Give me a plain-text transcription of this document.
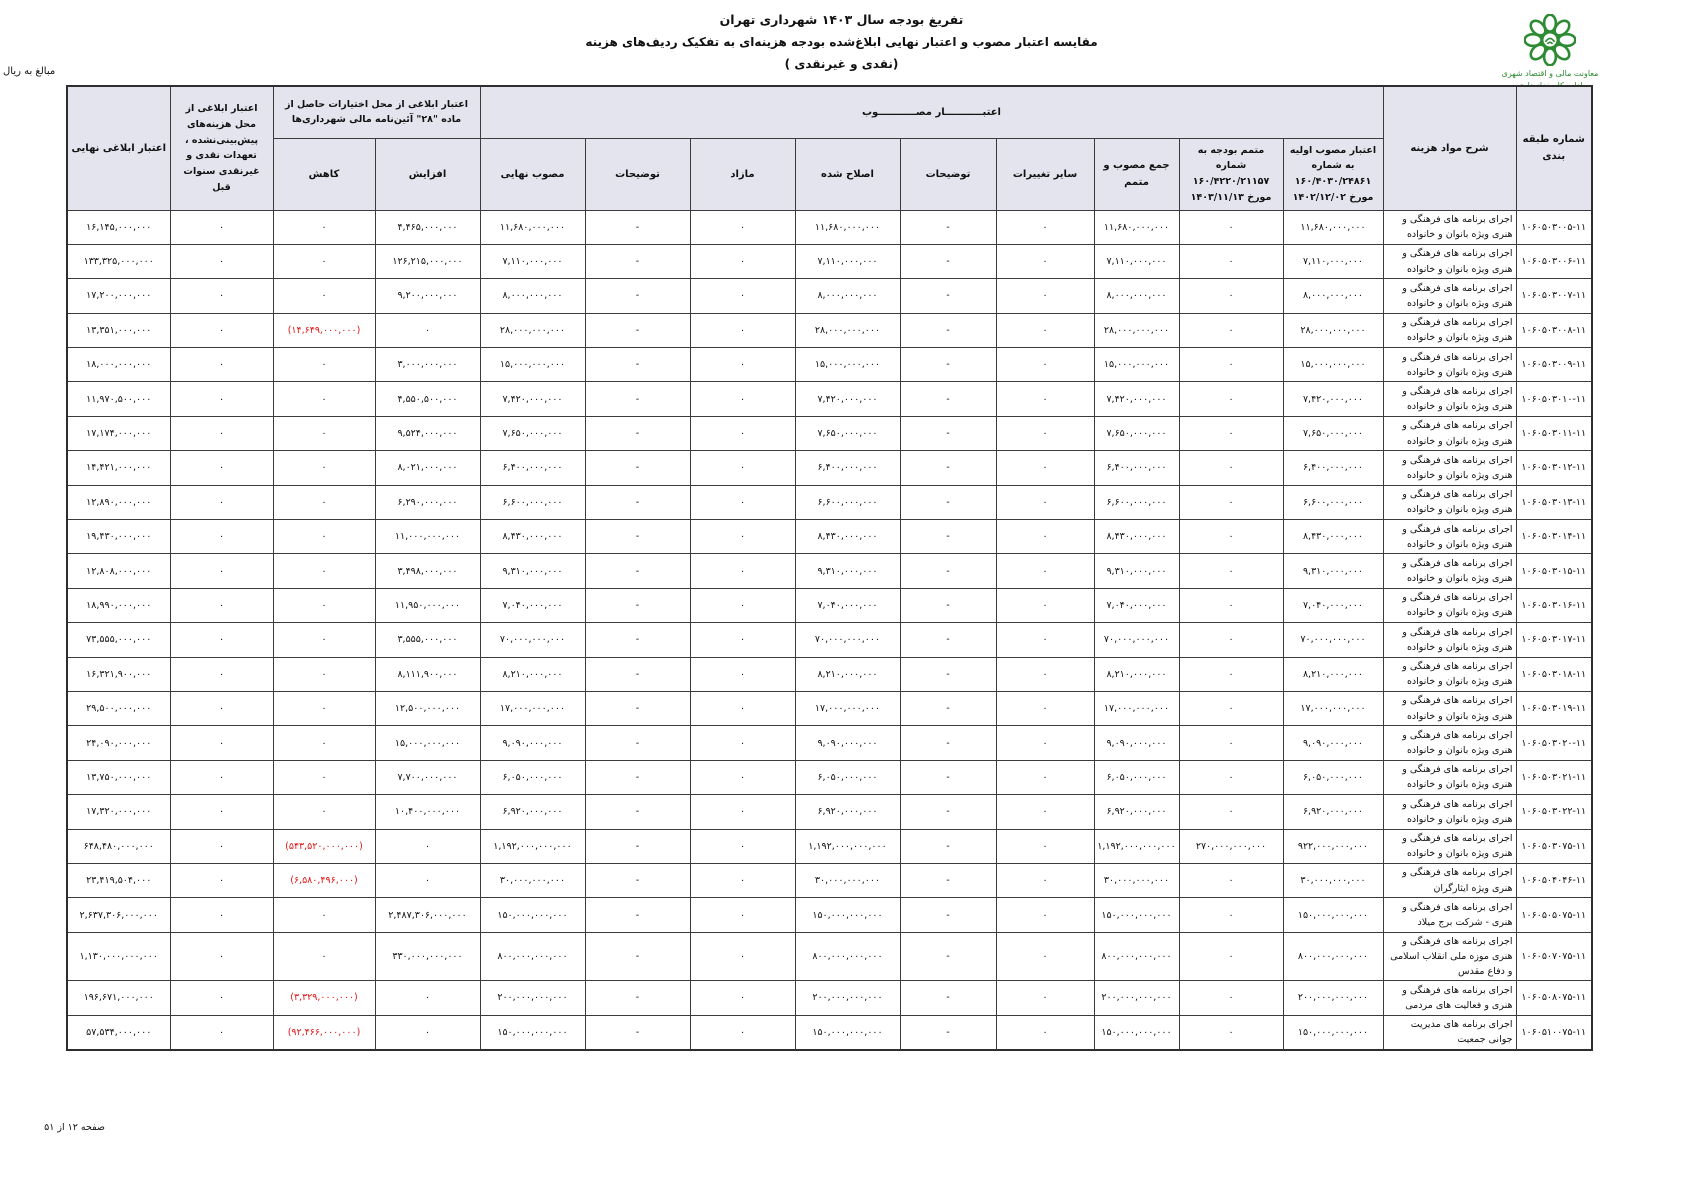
تفریغ بودجه سال ۱۴۰۳ شهرداری تهران
مقایسه اعتبار مصوب و اعتبار نهایی ابلاغ‌شده بودجه هزینه‌ای به تفکیک ردیف‌های هزینه
(نقدی و غیرنقدی )
معاونت مالی و اقتصاد شهری
مبالغ به ریال
شماره طبقه بندی	شرح مواد هزینه	اعتبـــــــــــار مصـــــــــــوب									اعتبار ابلاغی از محل اختیارات حاصل از ماده "۲۸" آئین‌نامه مالی شهرداری‌ها		اعتبار ابلاغی از محل هزینه‌های پیش‌بینی‌نشده ، تعهدات نقدی و غیرنقدی سنوات قبل	اعتبار ابلاغی نهایی
		اعتبار مصوب اولیه به شماره ۱۶۰/۴۰۳۰/۲۴۸۶۱ مورخ ۱۴۰۲/۱۲/۰۲	متمم بودجه به شماره ۱۶۰/۴۲۲۰/۲۱۱۵۷ مورخ ۱۴۰۳/۱۱/۱۳	جمع مصوب و متمم	سایر تغییرات	توضیحات	اصلاح شده	مازاد	توضیحات	مصوب نهایی	افزایش	کاهش		
۱۰۶۰۵۰۳۰۰۵-۱۱	اجرای برنامه های فرهنگی و هنری ویژه بانوان و خانواده	۱۱,۶۸۰,۰۰۰,۰۰۰	۰	۱۱,۶۸۰,۰۰۰,۰۰۰	۰	-	۱۱,۶۸۰,۰۰۰,۰۰۰	۰	-	۱۱,۶۸۰,۰۰۰,۰۰۰	۴,۴۶۵,۰۰۰,۰۰۰	۰	۰	۱۶,۱۴۵,۰۰۰,۰۰۰
۱۰۶۰۵۰۳۰۰۶-۱۱	اجرای برنامه های فرهنگی و هنری ویژه بانوان و خانواده	۷,۱۱۰,۰۰۰,۰۰۰	۰	۷,۱۱۰,۰۰۰,۰۰۰	۰	-	۷,۱۱۰,۰۰۰,۰۰۰	۰	-	۷,۱۱۰,۰۰۰,۰۰۰	۱۲۶,۲۱۵,۰۰۰,۰۰۰	۰	۰	۱۳۳,۳۲۵,۰۰۰,۰۰۰
۱۰۶۰۵۰۳۰۰۷-۱۱	اجرای برنامه های فرهنگی و هنری ویژه بانوان و خانواده	۸,۰۰۰,۰۰۰,۰۰۰	۰	۸,۰۰۰,۰۰۰,۰۰۰	۰	-	۸,۰۰۰,۰۰۰,۰۰۰	۰	-	۸,۰۰۰,۰۰۰,۰۰۰	۹,۲۰۰,۰۰۰,۰۰۰	۰	۰	۱۷,۲۰۰,۰۰۰,۰۰۰
۱۰۶۰۵۰۳۰۰۸-۱۱	اجرای برنامه های فرهنگی و هنری ویژه بانوان و خانواده	۲۸,۰۰۰,۰۰۰,۰۰۰	۰	۲۸,۰۰۰,۰۰۰,۰۰۰	۰	-	۲۸,۰۰۰,۰۰۰,۰۰۰	۰	-	۲۸,۰۰۰,۰۰۰,۰۰۰	۰	(۱۴,۶۴۹,۰۰۰,۰۰۰)	۰	۱۳,۳۵۱,۰۰۰,۰۰۰
۱۰۶۰۵۰۳۰۰۹-۱۱	اجرای برنامه های فرهنگی و هنری ویژه بانوان و خانواده	۱۵,۰۰۰,۰۰۰,۰۰۰	۰	۱۵,۰۰۰,۰۰۰,۰۰۰	۰	-	۱۵,۰۰۰,۰۰۰,۰۰۰	۰	-	۱۵,۰۰۰,۰۰۰,۰۰۰	۳,۰۰۰,۰۰۰,۰۰۰	۰	۰	۱۸,۰۰۰,۰۰۰,۰۰۰
۱۰۶۰۵۰۳۰۱۰-۱۱	اجرای برنامه های فرهنگی و هنری ویژه بانوان و خانواده	۷,۴۲۰,۰۰۰,۰۰۰	۰	۷,۴۲۰,۰۰۰,۰۰۰	۰	-	۷,۴۲۰,۰۰۰,۰۰۰	۰	-	۷,۴۲۰,۰۰۰,۰۰۰	۴,۵۵۰,۵۰۰,۰۰۰	۰	۰	۱۱,۹۷۰,۵۰۰,۰۰۰
۱۰۶۰۵۰۳۰۱۱-۱۱	اجرای برنامه های فرهنگی و هنری ویژه بانوان و خانواده	۷,۶۵۰,۰۰۰,۰۰۰	۰	۷,۶۵۰,۰۰۰,۰۰۰	۰	-	۷,۶۵۰,۰۰۰,۰۰۰	۰	-	۷,۶۵۰,۰۰۰,۰۰۰	۹,۵۲۴,۰۰۰,۰۰۰	۰	۰	۱۷,۱۷۴,۰۰۰,۰۰۰
۱۰۶۰۵۰۳۰۱۲-۱۱	اجرای برنامه های فرهنگی و هنری ویژه بانوان و خانواده	۶,۴۰۰,۰۰۰,۰۰۰	۰	۶,۴۰۰,۰۰۰,۰۰۰	۰	-	۶,۴۰۰,۰۰۰,۰۰۰	۰	-	۶,۴۰۰,۰۰۰,۰۰۰	۸,۰۲۱,۰۰۰,۰۰۰	۰	۰	۱۴,۴۲۱,۰۰۰,۰۰۰
۱۰۶۰۵۰۳۰۱۳-۱۱	اجرای برنامه های فرهنگی و هنری ویژه بانوان و خانواده	۶,۶۰۰,۰۰۰,۰۰۰	۰	۶,۶۰۰,۰۰۰,۰۰۰	۰	-	۶,۶۰۰,۰۰۰,۰۰۰	۰	-	۶,۶۰۰,۰۰۰,۰۰۰	۶,۲۹۰,۰۰۰,۰۰۰	۰	۰	۱۲,۸۹۰,۰۰۰,۰۰۰
۱۰۶۰۵۰۳۰۱۴-۱۱	اجرای برنامه های فرهنگی و هنری ویژه بانوان و خانواده	۸,۴۳۰,۰۰۰,۰۰۰	۰	۸,۴۳۰,۰۰۰,۰۰۰	۰	-	۸,۴۳۰,۰۰۰,۰۰۰	۰	-	۸,۴۳۰,۰۰۰,۰۰۰	۱۱,۰۰۰,۰۰۰,۰۰۰	۰	۰	۱۹,۴۳۰,۰۰۰,۰۰۰
۱۰۶۰۵۰۳۰۱۵-۱۱	اجرای برنامه های فرهنگی و هنری ویژه بانوان و خانواده	۹,۳۱۰,۰۰۰,۰۰۰	۰	۹,۳۱۰,۰۰۰,۰۰۰	۰	-	۹,۳۱۰,۰۰۰,۰۰۰	۰	-	۹,۳۱۰,۰۰۰,۰۰۰	۳,۴۹۸,۰۰۰,۰۰۰	۰	۰	۱۲,۸۰۸,۰۰۰,۰۰۰
۱۰۶۰۵۰۳۰۱۶-۱۱	اجرای برنامه های فرهنگی و هنری ویژه بانوان و خانواده	۷,۰۴۰,۰۰۰,۰۰۰	۰	۷,۰۴۰,۰۰۰,۰۰۰	۰	-	۷,۰۴۰,۰۰۰,۰۰۰	۰	-	۷,۰۴۰,۰۰۰,۰۰۰	۱۱,۹۵۰,۰۰۰,۰۰۰	۰	۰	۱۸,۹۹۰,۰۰۰,۰۰۰
۱۰۶۰۵۰۳۰۱۷-۱۱	اجرای برنامه های فرهنگی و هنری ویژه بانوان و خانواده	۷۰,۰۰۰,۰۰۰,۰۰۰	۰	۷۰,۰۰۰,۰۰۰,۰۰۰	۰	-	۷۰,۰۰۰,۰۰۰,۰۰۰	۰	-	۷۰,۰۰۰,۰۰۰,۰۰۰	۳,۵۵۵,۰۰۰,۰۰۰	۰	۰	۷۳,۵۵۵,۰۰۰,۰۰۰
۱۰۶۰۵۰۳۰۱۸-۱۱	اجرای برنامه های فرهنگی و هنری ویژه بانوان و خانواده	۸,۲۱۰,۰۰۰,۰۰۰	۰	۸,۲۱۰,۰۰۰,۰۰۰	۰	-	۸,۲۱۰,۰۰۰,۰۰۰	۰	-	۸,۲۱۰,۰۰۰,۰۰۰	۸,۱۱۱,۹۰۰,۰۰۰	۰	۰	۱۶,۳۲۱,۹۰۰,۰۰۰
۱۰۶۰۵۰۳۰۱۹-۱۱	اجرای برنامه های فرهنگی و هنری ویژه بانوان و خانواده	۱۷,۰۰۰,۰۰۰,۰۰۰	۰	۱۷,۰۰۰,۰۰۰,۰۰۰	۰	-	۱۷,۰۰۰,۰۰۰,۰۰۰	۰	-	۱۷,۰۰۰,۰۰۰,۰۰۰	۱۲,۵۰۰,۰۰۰,۰۰۰	۰	۰	۲۹,۵۰۰,۰۰۰,۰۰۰
۱۰۶۰۵۰۳۰۲۰-۱۱	اجرای برنامه های فرهنگی و هنری ویژه بانوان و خانواده	۹,۰۹۰,۰۰۰,۰۰۰	۰	۹,۰۹۰,۰۰۰,۰۰۰	۰	-	۹,۰۹۰,۰۰۰,۰۰۰	۰	-	۹,۰۹۰,۰۰۰,۰۰۰	۱۵,۰۰۰,۰۰۰,۰۰۰	۰	۰	۲۴,۰۹۰,۰۰۰,۰۰۰
۱۰۶۰۵۰۳۰۲۱-۱۱	اجرای برنامه های فرهنگی و هنری ویژه بانوان و خانواده	۶,۰۵۰,۰۰۰,۰۰۰	۰	۶,۰۵۰,۰۰۰,۰۰۰	۰	-	۶,۰۵۰,۰۰۰,۰۰۰	۰	-	۶,۰۵۰,۰۰۰,۰۰۰	۷,۷۰۰,۰۰۰,۰۰۰	۰	۰	۱۳,۷۵۰,۰۰۰,۰۰۰
۱۰۶۰۵۰۳۰۲۲-۱۱	اجرای برنامه های فرهنگی و هنری ویژه بانوان و خانواده	۶,۹۲۰,۰۰۰,۰۰۰	۰	۶,۹۲۰,۰۰۰,۰۰۰	۰	-	۶,۹۲۰,۰۰۰,۰۰۰	۰	-	۶,۹۲۰,۰۰۰,۰۰۰	۱۰,۴۰۰,۰۰۰,۰۰۰	۰	۰	۱۷,۳۲۰,۰۰۰,۰۰۰
۱۰۶۰۵۰۳۰۷۵-۱۱	اجرای برنامه های فرهنگی و هنری ویژه بانوان و خانواده	۹۲۲,۰۰۰,۰۰۰,۰۰۰	۲۷۰,۰۰۰,۰۰۰,۰۰۰	۱,۱۹۲,۰۰۰,۰۰۰,۰۰۰	۰	-	۱,۱۹۲,۰۰۰,۰۰۰,۰۰۰	۰	-	۱,۱۹۲,۰۰۰,۰۰۰,۰۰۰	۰	(۵۴۳,۵۲۰,۰۰۰,۰۰۰)	۰	۶۴۸,۴۸۰,۰۰۰,۰۰۰
۱۰۶۰۵۰۴۰۴۶-۱۱	اجرای برنامه های فرهنگی و هنری ویژه ایثارگران	۳۰,۰۰۰,۰۰۰,۰۰۰	۰	۳۰,۰۰۰,۰۰۰,۰۰۰	۰	-	۳۰,۰۰۰,۰۰۰,۰۰۰	۰	-	۳۰,۰۰۰,۰۰۰,۰۰۰	۰	(۶,۵۸۰,۴۹۶,۰۰۰)	۰	۲۳,۴۱۹,۵۰۴,۰۰۰
۱۰۶۰۵۰۵۰۷۵-۱۱	اجرای برنامه های فرهنگی و هنری - شرکت برج میلاد	۱۵۰,۰۰۰,۰۰۰,۰۰۰	۰	۱۵۰,۰۰۰,۰۰۰,۰۰۰	۰	-	۱۵۰,۰۰۰,۰۰۰,۰۰۰	۰	-	۱۵۰,۰۰۰,۰۰۰,۰۰۰	۲,۴۸۷,۳۰۶,۰۰۰,۰۰۰	۰	۰	۲,۶۳۷,۳۰۶,۰۰۰,۰۰۰
۱۰۶۰۵۰۷۰۷۵-۱۱	اجرای برنامه های فرهنگی و هنری موزه ملی انقلاب اسلامی و دفاع مقدس	۸۰۰,۰۰۰,۰۰۰,۰۰۰	۰	۸۰۰,۰۰۰,۰۰۰,۰۰۰	۰	-	۸۰۰,۰۰۰,۰۰۰,۰۰۰	۰	-	۸۰۰,۰۰۰,۰۰۰,۰۰۰	۳۳۰,۰۰۰,۰۰۰,۰۰۰	۰	۰	۱,۱۳۰,۰۰۰,۰۰۰,۰۰۰
۱۰۶۰۵۰۸۰۷۵-۱۱	اجرای برنامه های فرهنگی و هنری و فعالیت های مردمی	۲۰۰,۰۰۰,۰۰۰,۰۰۰	۰	۲۰۰,۰۰۰,۰۰۰,۰۰۰	۰	-	۲۰۰,۰۰۰,۰۰۰,۰۰۰	۰	-	۲۰۰,۰۰۰,۰۰۰,۰۰۰	۰	(۳,۳۲۹,۰۰۰,۰۰۰)	۰	۱۹۶,۶۷۱,۰۰۰,۰۰۰
۱۰۶۰۵۱۰۰۷۵-۱۱	اجرای برنامه های مدیریت جوانی جمعیت	۱۵۰,۰۰۰,۰۰۰,۰۰۰	۰	۱۵۰,۰۰۰,۰۰۰,۰۰۰	۰	-	۱۵۰,۰۰۰,۰۰۰,۰۰۰	۰	-	۱۵۰,۰۰۰,۰۰۰,۰۰۰	۰	(۹۲,۴۶۶,۰۰۰,۰۰۰)	۰	۵۷,۵۳۴,۰۰۰,۰۰۰
صفحه ۱۲ از ۵۱
